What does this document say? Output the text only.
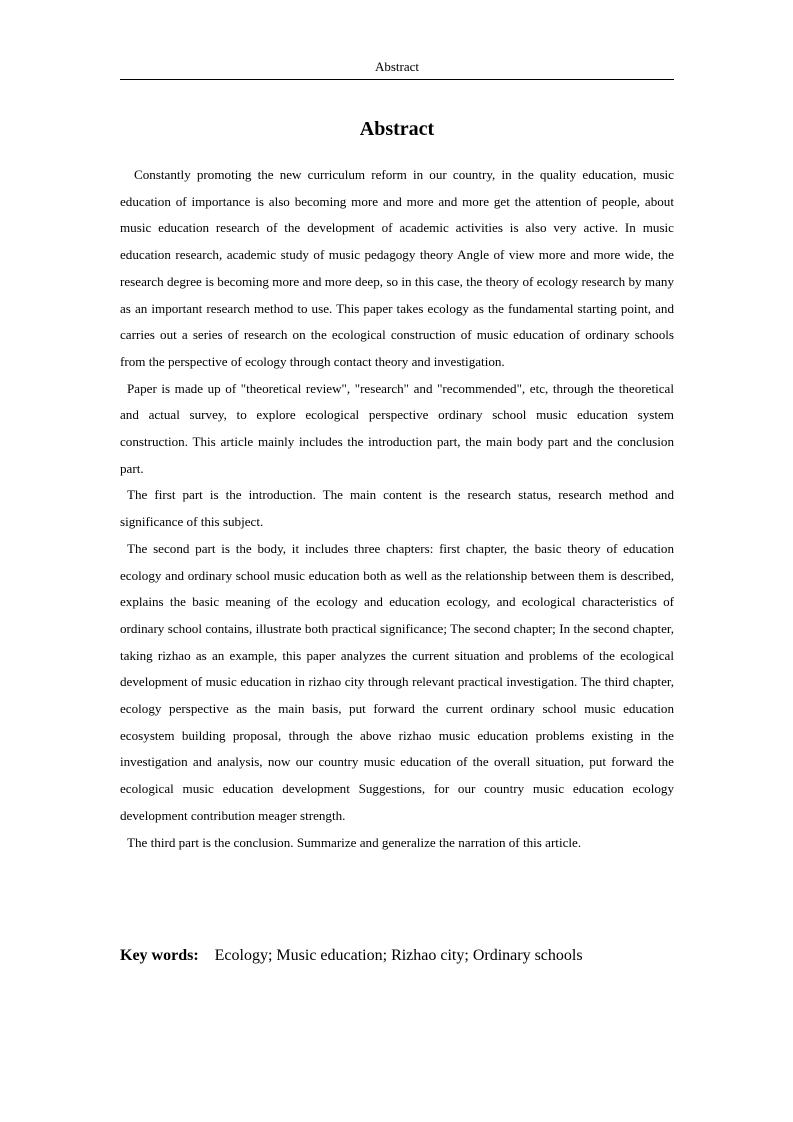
Abstract
Abstract

Constantly promoting the new curriculum reform in our country, in the quality education, music education of importance is also becoming more and more and more get the attention of people, about music education research of the development of academic activities is also very active. In music education research, academic study of music pedagogy theory Angle of view more and more wide, the research degree is becoming more and more deep, so in this case, the theory of ecology research by many as an important research method to use. This paper takes ecology as the fundamental starting point, and carries out a series of research on the ecological construction of music education of ordinary schools from the perspective of ecology through contact theory and investigation.

Paper is made up of "theoretical review", "research" and "recommended", etc, through the theoretical and actual survey, to explore ecological perspective ordinary school music education system construction. This article mainly includes the introduction part, the main body part and the conclusion part.

The first part is the introduction. The main content is the research status, research method and significance of this subject.

The second part is the body, it includes three chapters: first chapter, the basic theory of education ecology and ordinary school music education both as well as the relationship between them is described, explains the basic meaning of the ecology and education ecology, and ecological characteristics of ordinary school contains, illustrate both practical significance; The second chapter; In the second chapter, taking rizhao as an example, this paper analyzes the current situation and problems of the ecological development of music education in rizhao city through relevant practical investigation. The third chapter, ecology perspective as the main basis, put forward the current ordinary school music education ecosystem building proposal, through the above rizhao music education problems existing in the investigation and analysis, now our country music education of the overall situation, put forward the ecological music education development Suggestions, for our country music education ecology development contribution meager strength.

The third part is the conclusion. Summarize and generalize the narration of this article.

Key words: Ecology; Music education; Rizhao city; Ordinary schools
